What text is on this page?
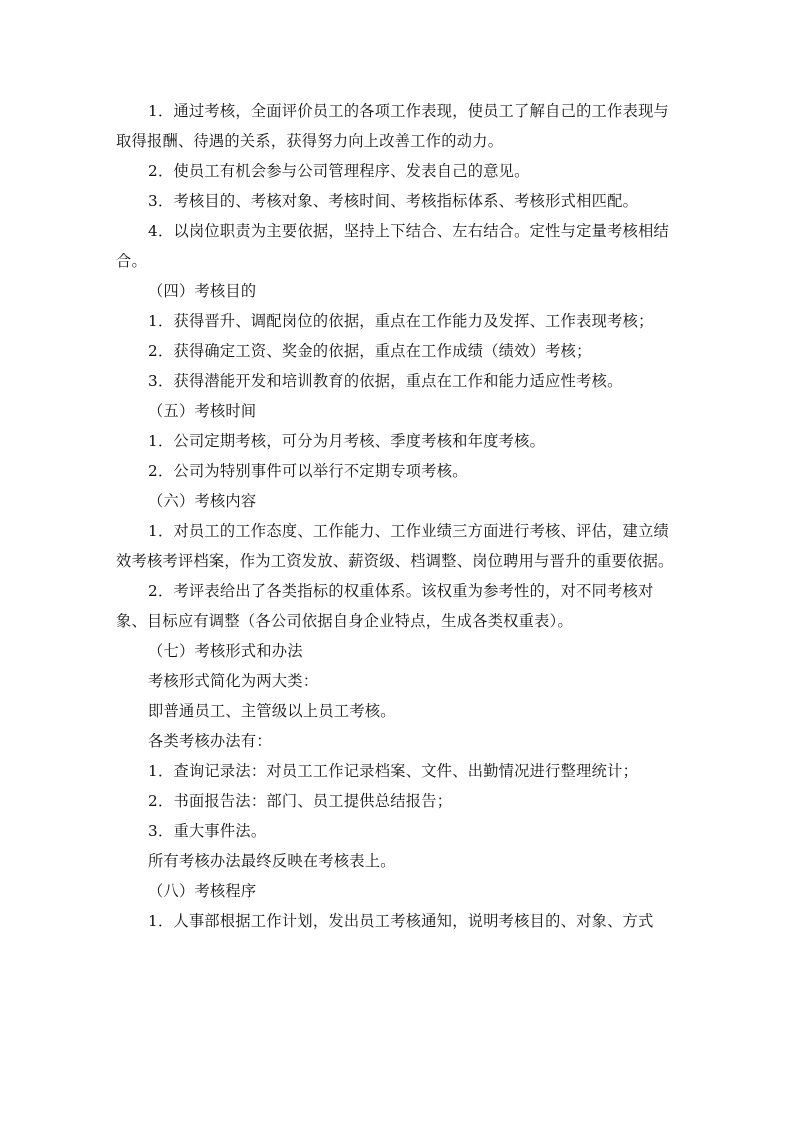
1．通过考核，全面评价员工的各项工作表现，使员工了解自己的工作表现与取得报酬、待遇的关系，获得努力向上改善工作的动力。

2．使员工有机会参与公司管理程序、发表自己的意见。

3．考核目的、考核对象、考核时间、考核指标体系、考核形式相匹配。

4．以岗位职责为主要依据，坚持上下结合、左右结合。定性与定量考核相结合。

（四）考核目的

1．获得晋升、调配岗位的依据，重点在工作能力及发挥、工作表现考核；

2．获得确定工资、奖金的依据，重点在工作成绩（绩效）考核；

3．获得潜能开发和培训教育的依据，重点在工作和能力适应性考核。

（五）考核时间

1．公司定期考核，可分为月考核、季度考核和年度考核。

2．公司为特别事件可以举行不定期专项考核。

（六）考核内容

1．对员工的工作态度、工作能力、工作业绩三方面进行考核、评估，建立绩效考核考评档案，作为工资发放、薪资级、档调整、岗位聘用与晋升的重要依据。

2．考评表给出了各类指标的权重体系。该权重为参考性的，对不同考核对象、目标应有调整（各公司依据自身企业特点，生成各类权重表）。

（七）考核形式和办法

考核形式简化为两大类：

即普通员工、主管级以上员工考核。

各类考核办法有：

1．查询记录法：对员工工作记录档案、文件、出勤情况进行整理统计；

2．书面报告法：部门、员工提供总结报告；

3．重大事件法。

所有考核办法最终反映在考核表上。

（八）考核程序

1．人事部根据工作计划，发出员工考核通知，说明考核目的、对象、方式
